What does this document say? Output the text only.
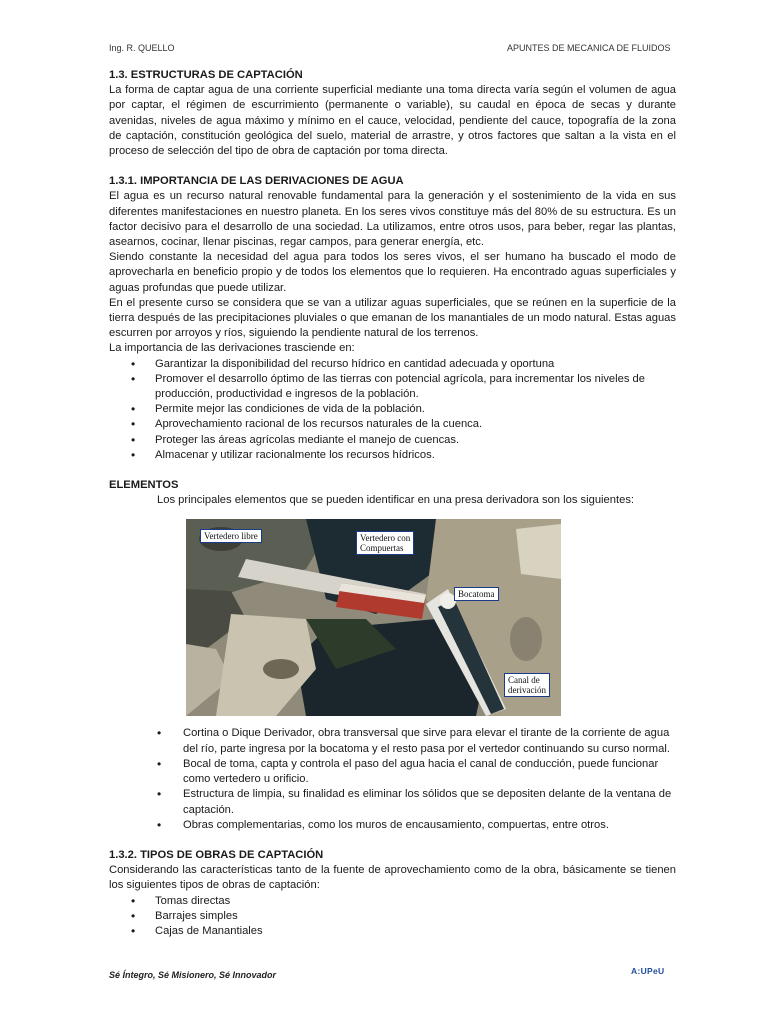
Ing. R. QUELLO	APUNTES DE MECANICA DE FLUIDOS

1.3. ESTRUCTURAS DE CAPTACIÓN

La forma de captar agua de una corriente superficial mediante una toma directa varía según el volumen de agua por captar, el régimen de escurrimiento (permanente o variable), su caudal en época de secas y durante avenidas, niveles de agua máximo y mínimo en el cauce, velocidad, pendiente del cauce, topografía de la zona de captación, constitución geológica del suelo, material de arrastre, y otros factores que saltan a la vista en el proceso de selección del tipo de obra de captación por toma directa.

1.3.1. IMPORTANCIA DE LAS DERIVACIONES DE AGUA

El agua es un recurso natural renovable fundamental para la generación y el sostenimiento de la vida en sus diferentes manifestaciones en nuestro planeta. En los seres vivos constituye más del 80% de su estructura. Es un factor decisivo para el desarrollo de una sociedad. La utilizamos, entre otros usos, para beber, regar las plantas, asearnos, cocinar, llenar piscinas, regar campos, para generar energía, etc.

Siendo constante la necesidad del agua para todos los seres vivos, el ser humano ha buscado el modo de aprovecharla en beneficio propio y de todos los elementos que lo requieren. Ha encontrado aguas superficiales y aguas profundas que puede utilizar.

En el presente curso se considera que se van a utilizar aguas superficiales, que se reúnen en la superficie de la tierra después de las precipitaciones pluviales o que emanan de los manantiales de un modo natural. Estas aguas escurren por arroyos y ríos, siguiendo la pendiente natural de los terrenos.

La importancia de las derivaciones trasciende en:

• Garantizar la disponibilidad del recurso hídrico en cantidad adecuada y oportuna
• Promover el desarrollo óptimo de las tierras con potencial agrícola, para incrementar los niveles de producción, productividad e ingresos de la población.
• Permite mejor las condiciones de vida de la población.
• Aprovechamiento racional de los recursos naturales de la cuenca.
• Proteger las áreas agrícolas mediante el manejo de cuencas.
• Almacenar y utilizar racionalmente los recursos hídricos.

ELEMENTOS

Los principales elementos que se pueden identificar en una presa derivadora son los siguientes:

Vertedero libre	Vertedero con
Compuertas
Bocatoma
Canal de
derivación
• Cortina o Dique Derivador, obra transversal que sirve para elevar el tirante de la corriente de agua del río, parte ingresa por la bocatoma y el resto pasa por el vertedor continuando su curso normal.
• Bocal de toma, capta y controla el paso del agua hacia el canal de conducción, puede funcionar como vertedero u orificio.
• Estructura de limpia, su finalidad es eliminar los sólidos que se depositen delante de la ventana de captación.
• Obras complementarias, como los muros de encausamiento, compuertas, entre otros.

1.3.2. TIPOS DE OBRAS DE CAPTACIÓN

Considerando las características tanto de la fuente de aprovechamiento como de la obra, básicamente se tienen los siguientes tipos de obras de captación:

• Tomas directas
• Barrajes simples
• Cajas de Manantiales
Sé Íntegro, Sé Misionero, Sé Innovador	A:UPeU
